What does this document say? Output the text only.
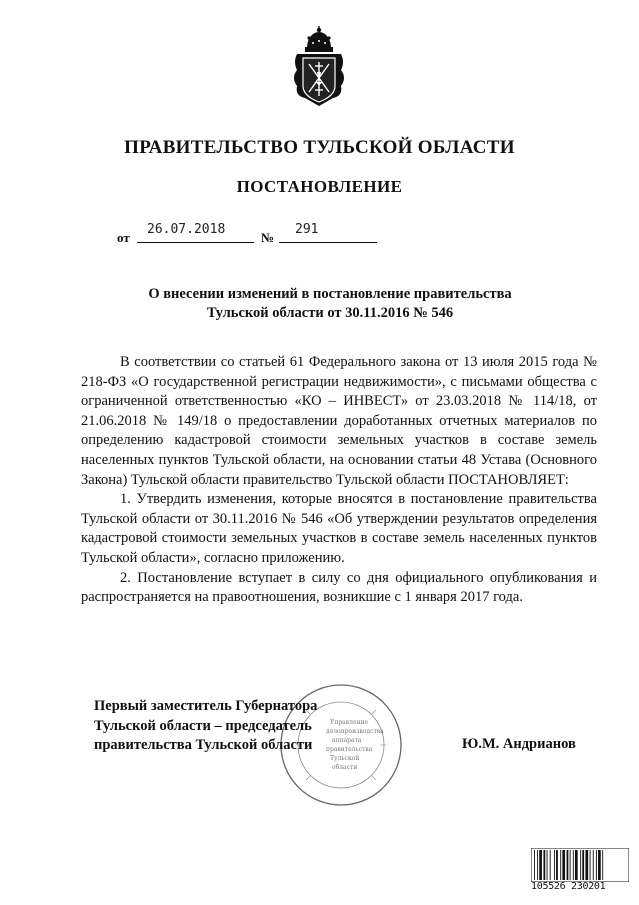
ПРАВИТЕЛЬСТВО ТУЛЬСКОЙ ОБЛАСТИ
ПОСТАНОВЛЕНИЕ
от
26.07.2018
№
291
О внесении изменений в постановление правительства
Тульской области от 30.11.2016 № 546

В соответствии со статьей 61 Федерального закона от 13 июля 2015 года № 218-ФЗ «О государственной регистрации недвижимости», с письмами общества с ограниченной ответственностью «КО – ИНВЕСТ» от 23.03.2018 № 114/18, от 21.06.2018 № 149/18 о предоставлении доработанных отчетных материалов по определению кадастровой стоимости земельных участков в составе земель населенных пунктов Тульской области, на основании статьи 48 Устава (Основного Закона) Тульской области правительство Тульской области ПОСТАНОВЛЯЕТ:

1. Утвердить изменения, которые вносятся в постановление правительства Тульской области от 30.11.2016 № 546 «Об утверждении результатов определения кадастровой стоимости земельных участков в составе земель населенных пунктов Тульской области», согласно приложению.

2. Постановление вступает в силу со дня официального опубликования и распространяется на правоотношения, возникшие с 1 января 2017 года.

Управление
делопроизводства
аппарата
правительства
Тульской
области
Первый заместитель Губернатора
Тульской области – председатель
правительства Тульской области	Ю.М. Андрианов
105526 230201
